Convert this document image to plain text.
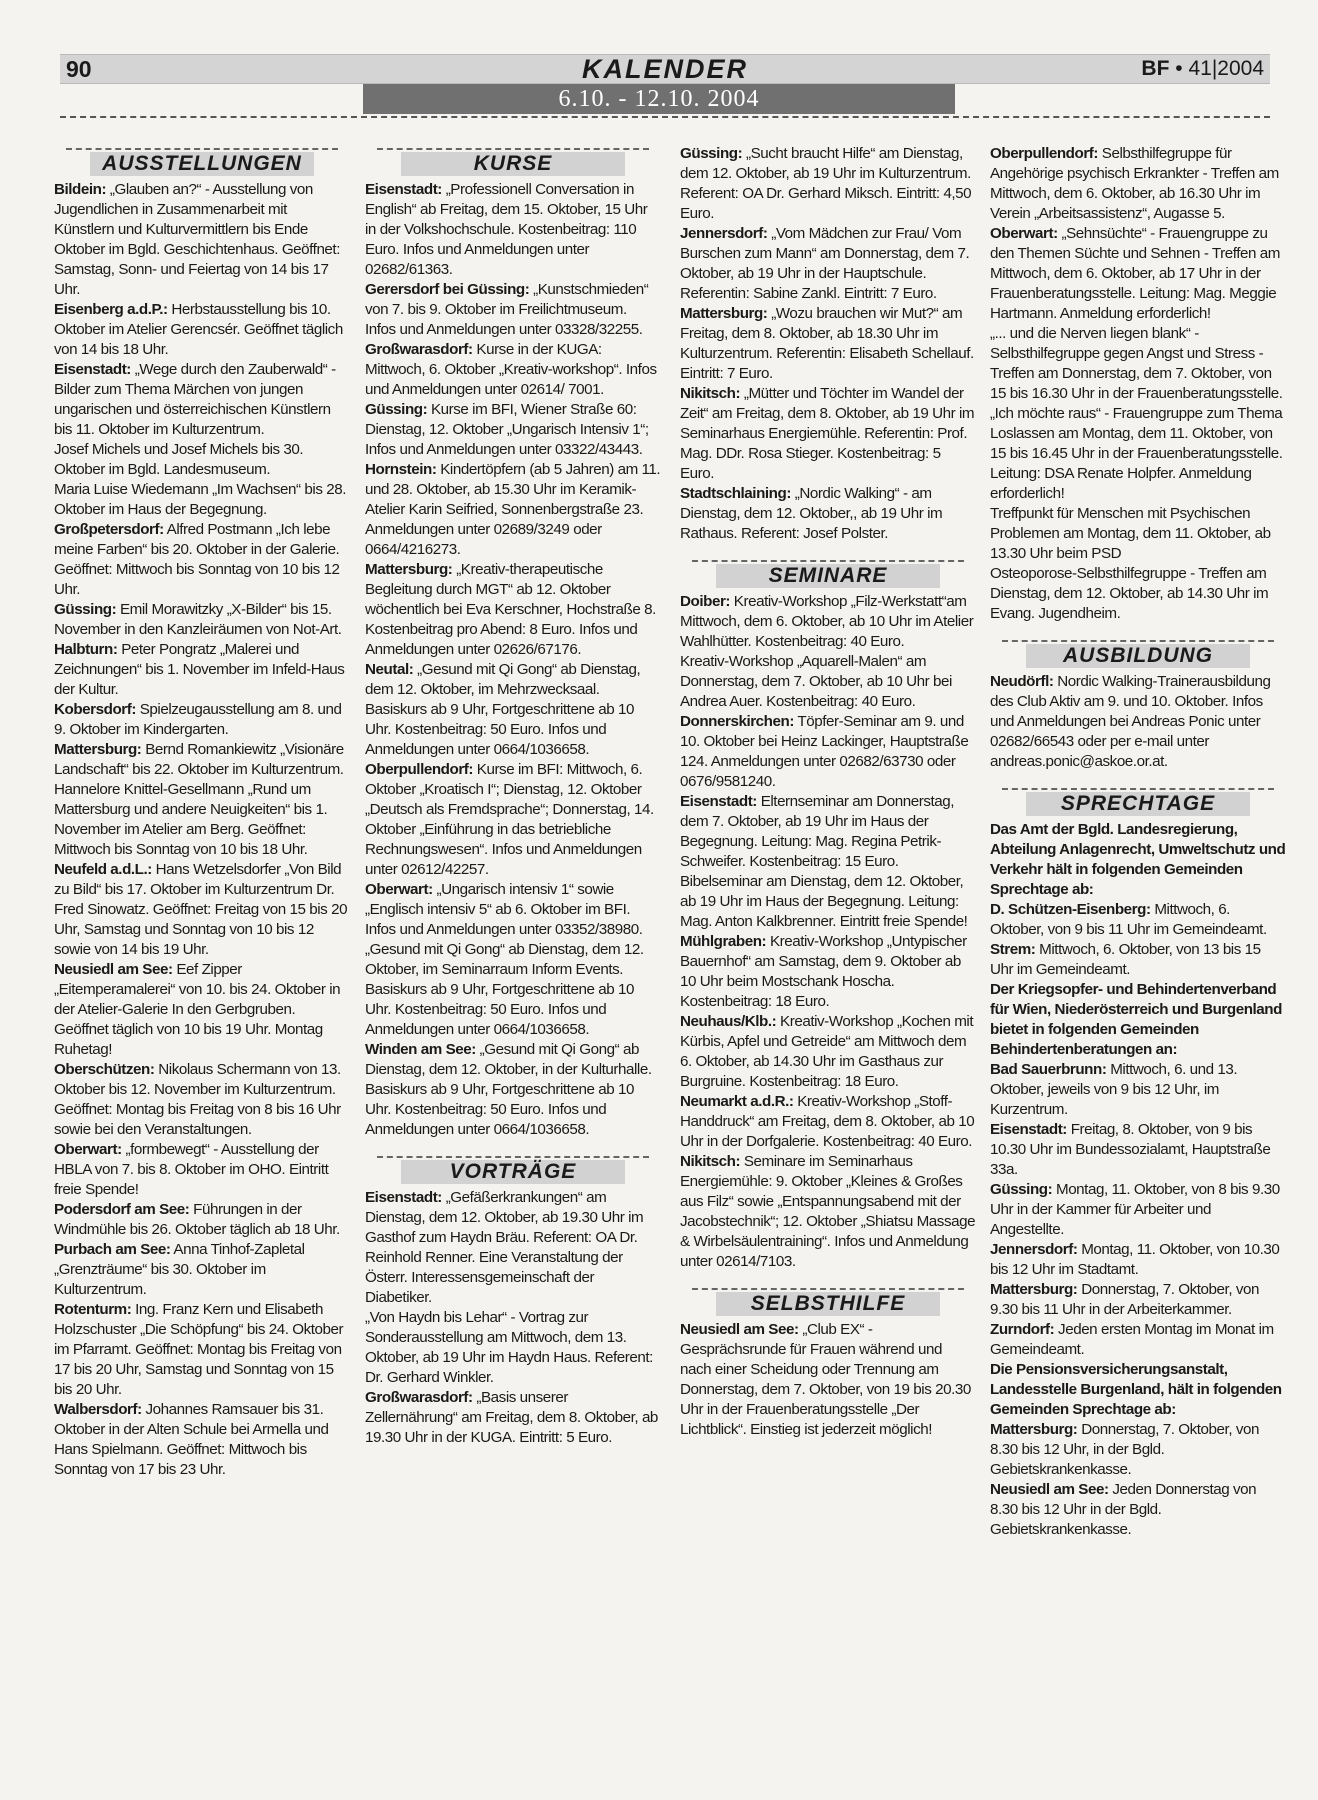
90	KALENDER	BF • 41|2004
6.10. - 12.10. 2004
AUSSTELLUNGEN

Bildein: „Glauben an?“ - Ausstellung von Jugendlichen in Zusammenarbeit mit Künstlern und Kulturvermittlern bis Ende Oktober im Bgld. Geschichtenhaus. Geöffnet: Samstag, Sonn- und Feiertag von 14 bis 17 Uhr.

Eisenberg a.d.P.: Herbstausstellung bis 10. Oktober im Atelier Gerencsér. Geöffnet täglich von 14 bis 18 Uhr.

Eisenstadt: „Wege durch den Zauberwald“ - Bilder zum Thema Märchen von jungen ungarischen und österreichischen Künstlern bis 11. Oktober im Kulturzentrum.

Josef Michels und Josef Michels bis 30. Oktober im Bgld. Landesmuseum.

Maria Luise Wiedemann „Im Wachsen“ bis 28. Oktober im Haus der Begegnung.

Großpetersdorf: Alfred Postmann „Ich lebe meine Farben“ bis 20. Oktober in der Galerie. Geöffnet: Mittwoch bis Sonntag von 10 bis 12 Uhr.

Güssing: Emil Morawitzky „X-Bilder“ bis 15. November in den Kanzleiräumen von Not-Art.

Halbturn: Peter Pongratz „Malerei und Zeichnungen“ bis 1. November im Infeld-Haus der Kultur.

Kobersdorf: Spielzeugausstellung am 8. und 9. Oktober im Kindergarten.

Mattersburg: Bernd Romankiewitz „Visionäre Landschaft“ bis 22. Oktober im Kulturzentrum.

Hannelore Knittel-Gesellmann „Rund um Mattersburg und andere Neuigkeiten“ bis 1. November im Atelier am Berg. Geöffnet: Mittwoch bis Sonntag von 10 bis 18 Uhr.

Neufeld a.d.L.: Hans Wetzelsdorfer „Von Bild zu Bild“ bis 17. Oktober im Kulturzentrum Dr. Fred Sinowatz. Geöffnet: Freitag von 15 bis 20 Uhr, Samstag und Sonntag von 10 bis 12 sowie von 14 bis 19 Uhr.

Neusiedl am See: Eef Zipper „Eitemperamalerei“ von 10. bis 24. Oktober in der Atelier-Galerie In den Gerbgruben. Geöffnet täglich von 10 bis 19 Uhr. Montag Ruhetag!

Oberschützen: Nikolaus Schermann von 13. Oktober bis 12. November im Kulturzentrum. Geöffnet: Montag bis Freitag von 8 bis 16 Uhr sowie bei den Veranstaltungen.

Oberwart: „formbewegt“ - Ausstellung der HBLA von 7. bis 8. Oktober im OHO. Eintritt freie Spende!

Podersdorf am See: Führungen in der Windmühle bis 26. Oktober täglich ab 18 Uhr.

Purbach am See: Anna Tinhof-Zapletal „Grenzträume“ bis 30. Oktober im Kulturzentrum.

Rotenturm: Ing. Franz Kern und Elisabeth Holzschuster „Die Schöpfung“ bis 24. Oktober im Pfarramt. Geöffnet: Montag bis Freitag von 17 bis 20 Uhr, Samstag und Sonntag von 15 bis 20 Uhr.

Walbersdorf: Johannes Ramsauer bis 31. Oktober in der Alten Schule bei Armella und Hans Spielmann. Geöffnet: Mittwoch bis Sonntag von 17 bis 23 Uhr.

KURSE

Eisenstadt: „Professionell Conversation in English“ ab Freitag, dem 15. Oktober, 15 Uhr in der Volkshochschule. Kostenbeitrag: 110 Euro. Infos und Anmeldungen unter 02682/61363.

Gerersdorf bei Güssing: „Kunstschmieden“ von 7. bis 9. Oktober im Freilichtmuseum. Infos und Anmeldungen unter 03328/32255.

Großwarasdorf: Kurse in der KUGA: Mittwoch, 6. Oktober „Kreativ-workshop“. Infos und Anmeldungen unter 02614/ 7001.

Güssing: Kurse im BFI, Wiener Straße 60: Dienstag, 12. Oktober „Ungarisch Intensiv 1“; Infos und Anmeldungen unter 03322/43443.

Hornstein: Kindertöpfern (ab 5 Jahren) am 11. und 28. Oktober, ab 15.30 Uhr im Keramik-Atelier Karin Seifried, Sonnenbergstraße 23. Anmeldungen unter 02689/3249 oder 0664/4216273.

Mattersburg: „Kreativ-therapeutische Begleitung durch MGT“ ab 12. Oktober wöchentlich bei Eva Kerschner, Hochstraße 8. Kostenbeitrag pro Abend: 8 Euro. Infos und Anmeldungen unter 02626/67176.

Neutal: „Gesund mit Qi Gong“ ab Dienstag, dem 12. Oktober, im Mehrzwecksaal. Basiskurs ab 9 Uhr, Fortgeschrittene ab 10 Uhr. Kostenbeitrag: 50 Euro. Infos und Anmeldungen unter 0664/1036658.

Oberpullendorf: Kurse im BFI: Mittwoch, 6. Oktober „Kroatisch I“; Dienstag, 12. Oktober „Deutsch als Fremdsprache“; Donnerstag, 14. Oktober „Einführung in das betriebliche Rechnungswesen“. Infos und Anmeldungen unter 02612/42257.

Oberwart: „Ungarisch intensiv 1“ sowie „Englisch intensiv 5“ ab 6. Oktober im BFI. Infos und Anmeldungen unter 03352/38980.

„Gesund mit Qi Gong“ ab Dienstag, dem 12. Oktober, im Seminarraum Inform Events. Basiskurs ab 9 Uhr, Fortgeschrittene ab 10 Uhr. Kostenbeitrag: 50 Euro. Infos und Anmeldungen unter 0664/1036658.

Winden am See: „Gesund mit Qi Gong“ ab Dienstag, dem 12. Oktober, in der Kulturhalle. Basiskurs ab 9 Uhr, Fortgeschrittene ab 10 Uhr. Kostenbeitrag: 50 Euro. Infos und Anmeldungen unter 0664/1036658.

VORTRÄGE

Eisenstadt: „Gefäßerkrankungen“ am Dienstag, dem 12. Oktober, ab 19.30 Uhr im Gasthof zum Haydn Bräu. Referent: OA Dr. Reinhold Renner. Eine Veranstaltung der Österr. Interessensgemeinschaft der Diabetiker.

„Von Haydn bis Lehar“ - Vortrag zur Sonderausstellung am Mittwoch, dem 13. Oktober, ab 19 Uhr im Haydn Haus. Referent: Dr. Gerhard Winkler.

Großwarasdorf: „Basis unserer Zellernährung“ am Freitag, dem 8. Oktober, ab 19.30 Uhr in der KUGA. Eintritt: 5 Euro.

Güssing: „Sucht braucht Hilfe“ am Dienstag, dem 12. Oktober, ab 19 Uhr im Kulturzentrum. Referent: OA Dr. Gerhard Miksch. Eintritt: 4,50 Euro.

Jennersdorf: „Vom Mädchen zur Frau/ Vom Burschen zum Mann“ am Donnerstag, dem 7. Oktober, ab 19 Uhr in der Hauptschule. Referentin: Sabine Zankl. Eintritt: 7 Euro.

Mattersburg: „Wozu brauchen wir Mut?“ am Freitag, dem 8. Oktober, ab 18.30 Uhr im Kulturzentrum. Referentin: Elisabeth Schellauf. Eintritt: 7 Euro.

Nikitsch: „Mütter und Töchter im Wandel der Zeit“ am Freitag, dem 8. Oktober, ab 19 Uhr im Seminarhaus Energiemühle. Referentin: Prof. Mag. DDr. Rosa Stieger. Kostenbeitrag: 5 Euro.

Stadtschlaining: „Nordic Walking“ - am Dienstag, dem 12. Oktober,, ab 19 Uhr im Rathaus. Referent: Josef Polster.

SEMINARE

Doiber: Kreativ-Workshop „Filz-Werkstatt“am Mittwoch, dem 6. Oktober, ab 10 Uhr im Atelier Wahlhütter. Kostenbeitrag: 40 Euro.

Kreativ-Workshop „Aquarell-Malen“ am Donnerstag, dem 7. Oktober, ab 10 Uhr bei Andrea Auer. Kostenbeitrag: 40 Euro.

Donnerskirchen: Töpfer-Seminar am 9. und 10. Oktober bei Heinz Lackinger, Hauptstraße 124. Anmeldungen unter 02682/63730 oder 0676/9581240.

Eisenstadt: Elternseminar am Donnerstag, dem 7. Oktober, ab 19 Uhr im Haus der Begegnung. Leitung: Mag. Regina Petrik-Schweifer. Kostenbeitrag: 15 Euro.

Bibelseminar am Dienstag, dem 12. Oktober, ab 19 Uhr im Haus der Begegnung. Leitung: Mag. Anton Kalkbrenner. Eintritt freie Spende!

Mühlgraben: Kreativ-Workshop „Untypischer Bauernhof“ am Samstag, dem 9. Oktober ab 10 Uhr beim Mostschank Hoscha. Kostenbeitrag: 18 Euro.

Neuhaus/Klb.: Kreativ-Workshop „Kochen mit Kürbis, Apfel und Getreide“ am Mittwoch dem 6. Oktober, ab 14.30 Uhr im Gasthaus zur Burgruine. Kostenbeitrag: 18 Euro.

Neumarkt a.d.R.: Kreativ-Workshop „Stoff-Handdruck“ am Freitag, dem 8. Oktober, ab 10 Uhr in der Dorfgalerie. Kostenbeitrag: 40 Euro.

Nikitsch: Seminare im Seminarhaus Energiemühle: 9. Oktober „Kleines & Großes aus Filz“ sowie „Entspannungsabend mit der Jacobstechnik“; 12. Oktober „Shiatsu Massage & Wirbelsäulentraining“. Infos und Anmeldung unter 02614/7103.

SELBSTHILFE

Neusiedl am See: „Club EX“ - Gesprächsrunde für Frauen während und nach einer Scheidung oder Trennung am Donnerstag, dem 7. Oktober, von 19 bis 20.30 Uhr in der Frauenberatungsstelle „Der Lichtblick“. Einstieg ist jederzeit möglich!

Oberpullendorf: Selbsthilfegruppe für Angehörige psychisch Erkrankter - Treffen am Mittwoch, dem 6. Oktober, ab 16.30 Uhr im Verein „Arbeitsassistenz“, Augasse 5.

Oberwart: „Sehnsüchte“ - Frauengruppe zu den Themen Süchte und Sehnen - Treffen am Mittwoch, dem 6. Oktober, ab 17 Uhr in der Frauenberatungsstelle. Leitung: Mag. Meggie Hartmann. Anmeldung erforderlich!

„... und die Nerven liegen blank“ - Selbsthilfegruppe gegen Angst und Stress - Treffen am Donnerstag, dem 7. Oktober, von 15 bis 16.30 Uhr in der Frauenberatungsstelle.

„Ich möchte raus“ - Frauengruppe zum Thema Loslassen am Montag, dem 11. Oktober, von 15 bis 16.45 Uhr in der Frauenberatungsstelle. Leitung: DSA Renate Holpfer. Anmeldung erforderlich!

Treffpunkt für Menschen mit Psychischen Problemen am Montag, dem 11. Oktober, ab 13.30 Uhr beim PSD

Osteoporose-Selbsthilfegruppe - Treffen am Dienstag, dem 12. Oktober, ab 14.30 Uhr im Evang. Jugendheim.

AUSBILDUNG

Neudörfl: Nordic Walking-Trainerausbildung des Club Aktiv am 9. und 10. Oktober. Infos und Anmeldungen bei Andreas Ponic unter 02682/66543 oder per e-mail unter andreas.ponic@askoe.or.at.

SPRECHTAGE

Das Amt der Bgld. Landesregierung, Abteilung Anlagenrecht, Umweltschutz und Verkehr hält in folgenden Gemeinden Sprechtage ab:

D. Schützen-Eisenberg: Mittwoch, 6. Oktober, von 9 bis 11 Uhr im Gemeindeamt.

Strem: Mittwoch, 6. Oktober, von 13 bis 15 Uhr im Gemeindeamt.

Der Kriegsopfer- und Behindertenverband für Wien, Niederösterreich und Burgenland bietet in folgenden Gemeinden Behindertenberatungen an:

Bad Sauerbrunn: Mittwoch, 6. und 13. Oktober, jeweils von 9 bis 12 Uhr, im Kurzentrum.

Eisenstadt: Freitag, 8. Oktober, von 9 bis 10.30 Uhr im Bundessozialamt, Hauptstraße 33a.

Güssing: Montag, 11. Oktober, von 8 bis 9.30 Uhr in der Kammer für Arbeiter und Angestellte.

Jennersdorf: Montag, 11. Oktober, von 10.30 bis 12 Uhr im Stadtamt.

Mattersburg: Donnerstag, 7. Oktober, von 9.30 bis 11 Uhr in der Arbeiterkammer.

Zurndorf: Jeden ersten Montag im Monat im Gemeindeamt.

Die Pensionsversicherungsanstalt, Landesstelle Burgenland, hält in folgenden Gemeinden Sprechtage ab:

Mattersburg: Donnerstag, 7. Oktober, von 8.30 bis 12 Uhr, in der Bgld. Gebietskrankenkasse.

Neusiedl am See: Jeden Donnerstag von 8.30 bis 12 Uhr in der Bgld. Gebietskrankenkasse.
